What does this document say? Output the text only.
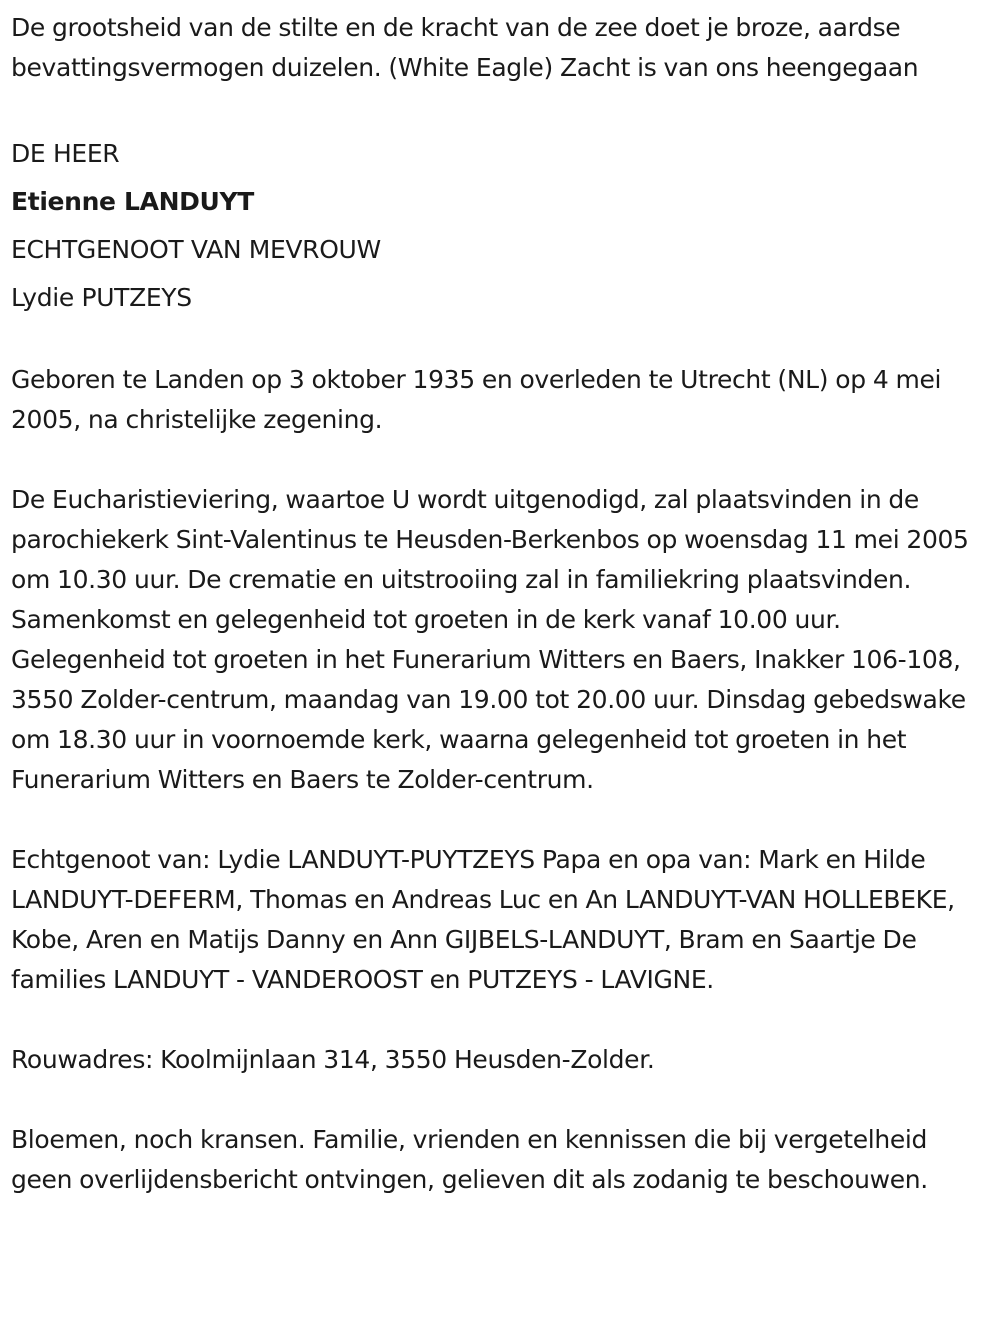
De grootsheid van de stilte en de kracht van de zee doet je broze, aardse bevattingsvermogen duizelen. (White Eagle) Zacht is van ons heengegaan

DE HEER

Etienne LANDUYT

ECHTGENOOT VAN MEVROUW

Lydie PUTZEYS

Geboren te Landen op 3 oktober 1935 en overleden te Utrecht (NL) op 4 mei 2005, na christelijke zegening.

De Eucharistieviering, waartoe U wordt uitgenodigd, zal plaatsvinden in de parochiekerk Sint-Valentinus te Heusden-Berkenbos op woensdag 11 mei 2005 om 10.30 uur. De crematie en uitstrooiing zal in familiekring plaatsvinden. Samenkomst en gelegenheid tot groeten in de kerk vanaf 10.00 uur. Gelegenheid tot groeten in het Funerarium Witters en Baers, Inakker 106-108, 3550 Zolder-centrum, maandag van 19.00 tot 20.00 uur. Dinsdag gebedswake om 18.30 uur in voornoemde kerk, waarna gelegenheid tot groeten in het Funerarium Witters en Baers te Zolder-centrum.

Echtgenoot van: Lydie LANDUYT-PUYTZEYS Papa en opa van: Mark en Hilde LANDUYT-DEFERM, Thomas en Andreas Luc en An LANDUYT-VAN HOLLEBEKE, Kobe, Aren en Matijs Danny en Ann GIJBELS-LANDUYT, Bram en Saartje De families LANDUYT - VANDEROOST en PUTZEYS - LAVIGNE.

Rouwadres: Koolmijnlaan 314, 3550 Heusden-Zolder.

Bloemen, noch kransen. Familie, vrienden en kennissen die bij vergetelheid geen overlijdensbericht ontvingen, gelieven dit als zodanig te beschouwen.
